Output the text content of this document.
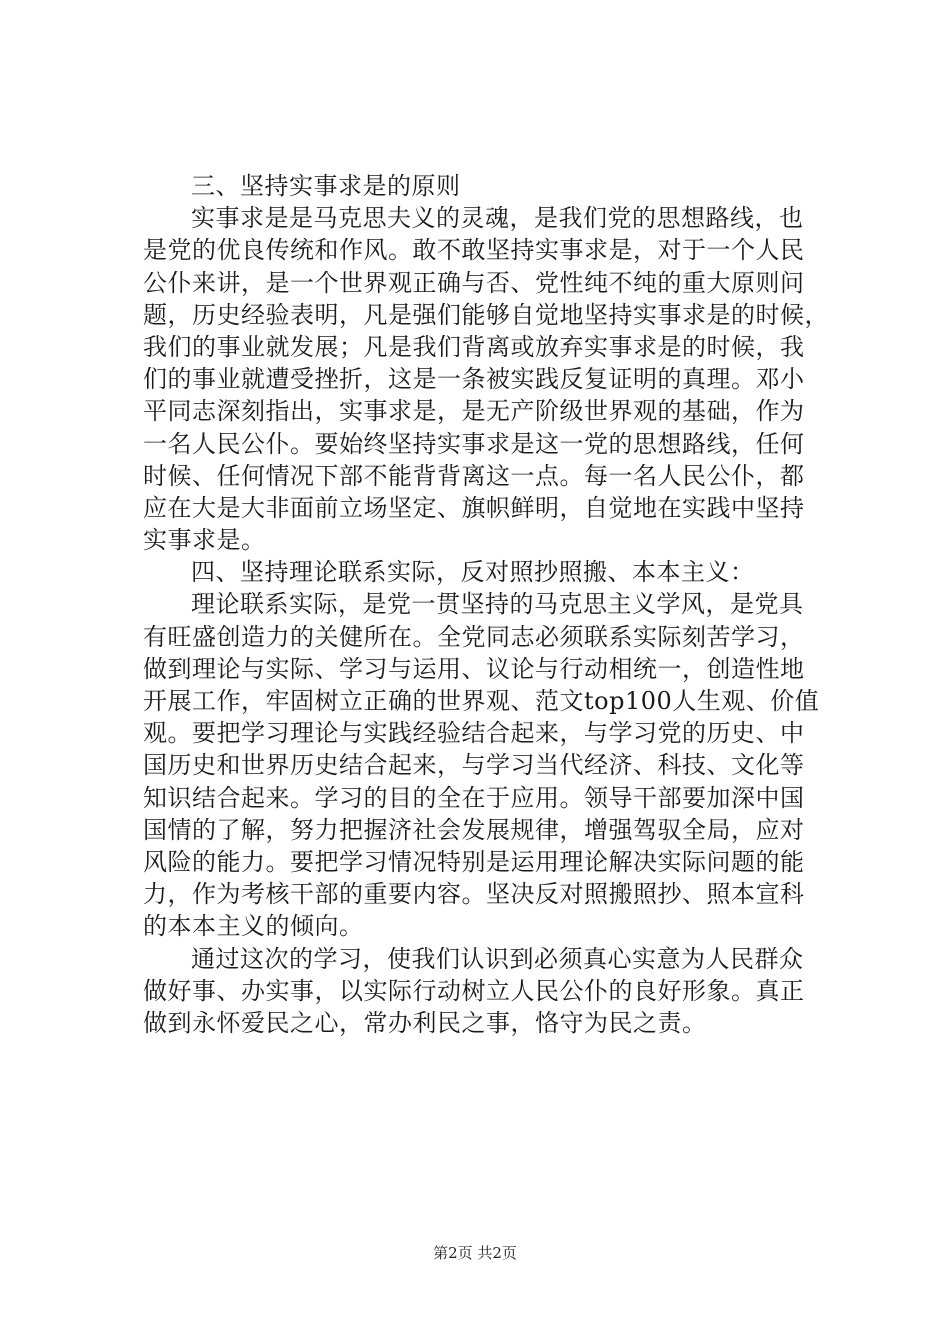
三、坚持实事求是的原则
实事求是是马克思夫义的灵魂，是我们党的思想路线，也
是党的优良传统和作风。敢不敢坚持实事求是，对于一个人民
公仆来讲，是一个世界观正确与否、党性纯不纯的重大原则问
题，历史经验表明，凡是强们能够自觉地坚持实事求是的时候，
我们的事业就发展；凡是我们背离或放弃实事求是的时候，我
们的事业就遭受挫折，这是一条被实践反复证明的真理。邓小
平同志深刻指出，实事求是，是无产阶级世界观的基础，作为
一名人民公仆。要始终坚持实事求是这一党的思想路线，任何
时候、任何情况下部不能背背离这一点。每一名人民公仆，都
应在大是大非面前立场坚定、旗帜鲜明，自觉地在实践中坚持
实事求是。
四、坚持理论联系实际，反对照抄照搬、本本主义：
理论联系实际，是党一贯坚持的马克思主义学风，是党具
有旺盛创造力的关健所在。全党同志必须联系实际刻苦学习，
做到理论与实际、学习与运用、议论与行动相统一，创造性地
开展工作，牢固树立正确的世界观、范文top100人生观、价值
观。要把学习理论与实践经验结合起来，与学习党的历史、中
国历史和世界历史结合起来，与学习当代经济、科技、文化等
知识结合起来。学习的目的全在于应用。领导干部要加深中国
国情的了解，努力把握济社会发展规律，增强驾驭全局，应对
风险的能力。要把学习情况特别是运用理论解决实际问题的能
力，作为考核干部的重要内容。坚决反对照搬照抄、照本宣科
的本本主义的倾向。
通过这次的学习，使我们认识到必须真心实意为人民群众
做好事、办实事，以实际行动树立人民公仆的良好形象。真正
做到永怀爱民之心，常办利民之事，恪守为民之责。
第2页 共2页
